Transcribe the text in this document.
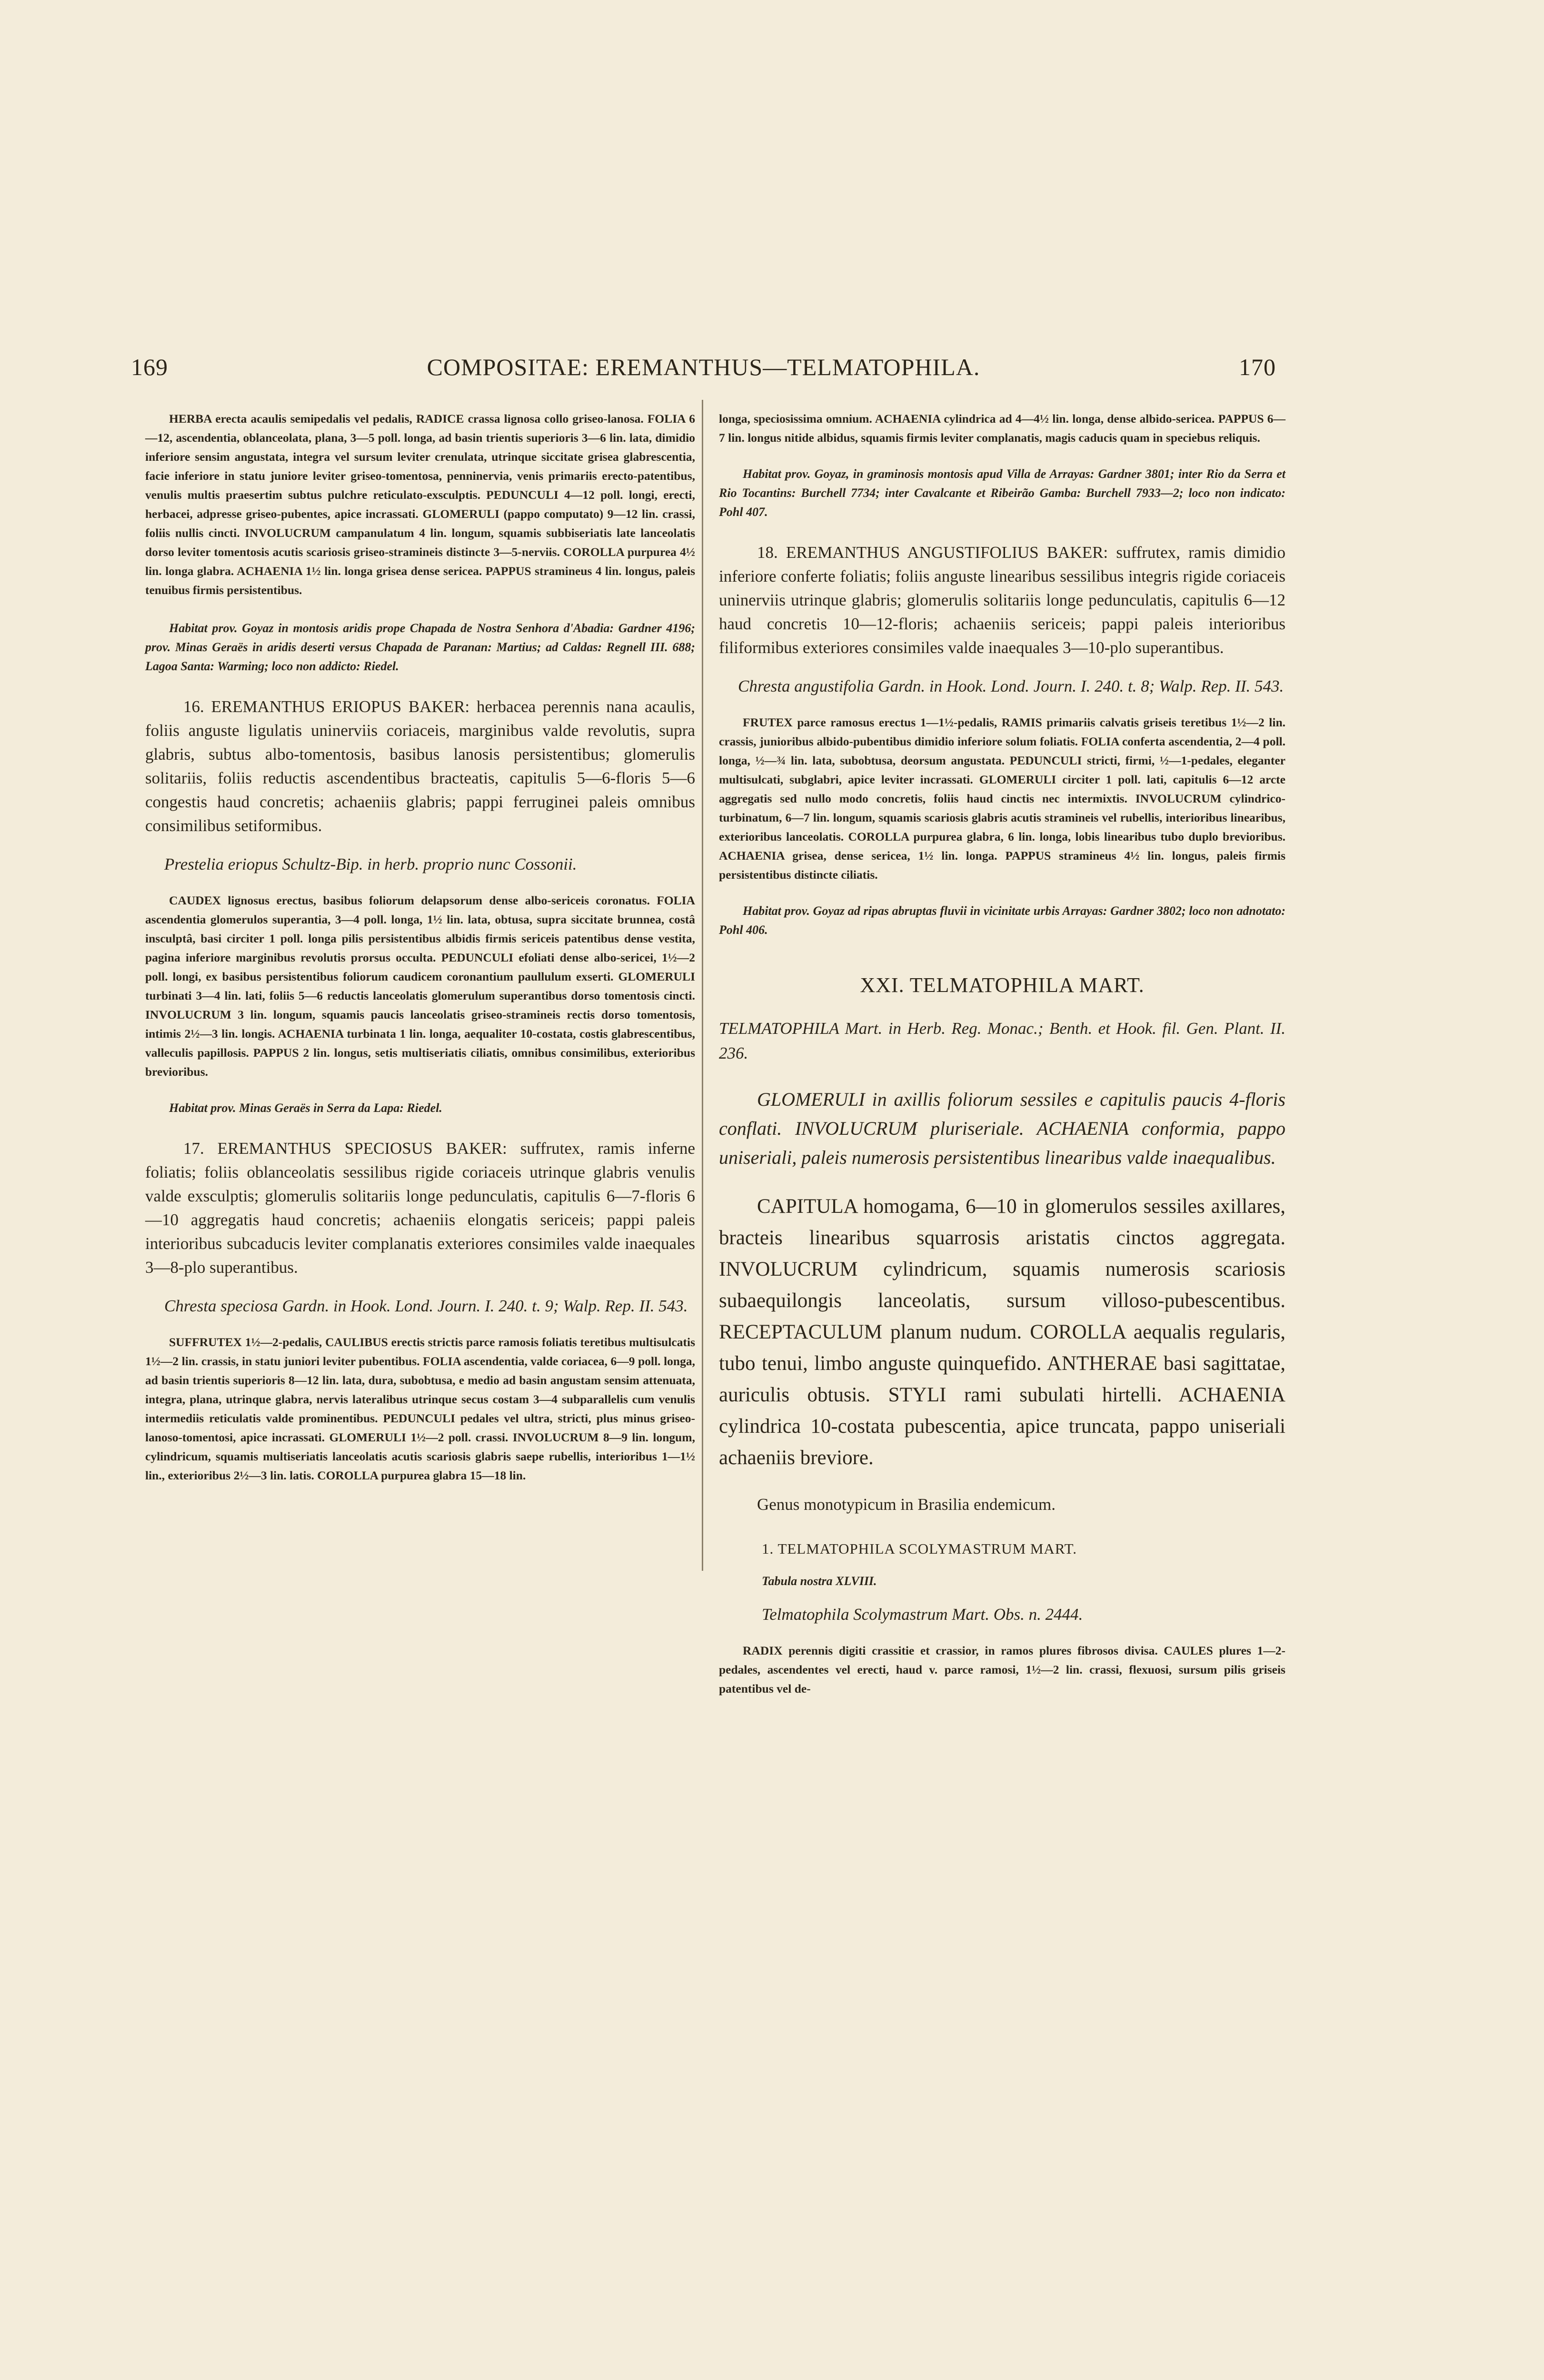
169	COMPOSITAE: EREMANTHUS—TELMATOPHILA.	170

HERBA erecta acaulis semipedalis vel pedalis, RADICE crassa lignosa collo griseo-lanosa. FOLIA 6—12, ascendentia, oblanceolata, plana, 3—5 poll. longa, ad basin trientis superioris 3—6 lin. lata, dimidio inferiore sensim angustata, integra vel sursum leviter crenulata, utrinque siccitate grisea glabrescentia, facie inferiore in statu juniore leviter griseo-tomentosa, penninervia, venis primariis erecto-patentibus, venulis multis praesertim subtus pulchre reticulato-exsculptis. PEDUNCULI 4—12 poll. longi, erecti, herbacei, adpresse griseo-pubentes, apice incrassati. GLOMERULI (pappo computato) 9—12 lin. crassi, foliis nullis cincti. INVOLUCRUM campanulatum 4 lin. longum, squamis subbiseriatis late lanceolatis dorso leviter tomentosis acutis scariosis griseo-stramineis distincte 3—5-nerviis. COROLLA purpurea 4½ lin. longa glabra. ACHAENIA 1½ lin. longa grisea dense sericea. PAPPUS stramineus 4 lin. longus, paleis tenuibus firmis persistentibus.

Habitat prov. Goyaz in montosis aridis prope Chapada de Nostra Senhora d'Abadia: Gardner 4196; prov. Minas Geraës in aridis deserti versus Chapada de Paranan: Martius; ad Caldas: Regnell III. 688; Lagoa Santa: Warming; loco non addicto: Riedel.

16. EREMANTHUS ERIOPUS BAKER: herbacea perennis nana acaulis, foliis anguste ligulatis uninerviis coriaceis, marginibus valde revolutis, supra glabris, subtus albo-tomentosis, basibus lanosis persistentibus; glomerulis solitariis, foliis reductis ascendentibus bracteatis, capitulis 5—6-floris 5—6 congestis haud concretis; achaeniis glabris; pappi ferruginei paleis omnibus consimilibus setiformibus.

Prestelia eriopus Schultz-Bip. in herb. proprio nunc Cossonii.

CAUDEX lignosus erectus, basibus foliorum delapsorum dense albo-sericeis coronatus. FOLIA ascendentia glomerulos superantia, 3—4 poll. longa, 1½ lin. lata, obtusa, supra siccitate brunnea, costâ insculptâ, basi circiter 1 poll. longa pilis persistentibus albidis firmis sericeis patentibus dense vestita, pagina inferiore marginibus revolutis prorsus occulta. PEDUNCULI efoliati dense albo-sericei, 1½—2 poll. longi, ex basibus persistentibus foliorum caudicem coronantium paullulum exserti. GLOMERULI turbinati 3—4 lin. lati, foliis 5—6 reductis lanceolatis glomerulum superantibus dorso tomentosis cincti. INVOLUCRUM 3 lin. longum, squamis paucis lanceolatis griseo-stramineis rectis dorso tomentosis, intimis 2½—3 lin. longis. ACHAENIA turbinata 1 lin. longa, aequaliter 10-costata, costis glabrescentibus, valleculis papillosis. PAPPUS 2 lin. longus, setis multiseriatis ciliatis, omnibus consimilibus, exterioribus brevioribus.

Habitat prov. Minas Geraës in Serra da Lapa: Riedel.

17. EREMANTHUS SPECIOSUS BAKER: suffrutex, ramis inferne foliatis; foliis oblanceolatis sessilibus rigide coriaceis utrinque glabris venulis valde exsculptis; glomerulis solitariis longe pedunculatis, capitulis 6—7-floris 6—10 aggregatis haud concretis; achaeniis elongatis sericeis; pappi paleis interioribus subcaducis leviter complanatis exteriores consimiles valde inaequales 3—8-plo superantibus.

Chresta speciosa Gardn. in Hook. Lond. Journ. I. 240. t. 9; Walp. Rep. II. 543.

SUFFRUTEX 1½—2-pedalis, CAULIBUS erectis strictis parce ramosis foliatis teretibus multisulcatis 1½—2 lin. crassis, in statu juniori leviter pubentibus. FOLIA ascendentia, valde coriacea, 6—9 poll. longa, ad basin trientis superioris 8—12 lin. lata, dura, subobtusa, e medio ad basin angustam sensim attenuata, integra, plana, utrinque glabra, nervis lateralibus utrinque secus costam 3—4 subparallelis cum venulis intermediis reticulatis valde prominentibus. PEDUNCULI pedales vel ultra, stricti, plus minus griseo-lanoso-tomentosi, apice incrassati. GLOMERULI 1½—2 poll. crassi. INVOLUCRUM 8—9 lin. longum, cylindricum, squamis multiseriatis lanceolatis acutis scariosis glabris saepe rubellis, interioribus 1—1½ lin., exterioribus 2½—3 lin. latis. COROLLA purpurea glabra 15—18 lin.

longa, speciosissima omnium. ACHAENIA cylindrica ad 4—4½ lin. longa, dense albido-sericea. PAPPUS 6—7 lin. longus nitide albidus, squamis firmis leviter complanatis, magis caducis quam in speciebus reliquis.

Habitat prov. Goyaz, in graminosis montosis apud Villa de Arrayas: Gardner 3801; inter Rio da Serra et Rio Tocantins: Burchell 7734; inter Cavalcante et Ribeirão Gamba: Burchell 7933—2; loco non indicato: Pohl 407.

18. EREMANTHUS ANGUSTIFOLIUS BAKER: suffrutex, ramis dimidio inferiore conferte foliatis; foliis anguste linearibus sessilibus integris rigide coriaceis uninerviis utrinque glabris; glomerulis solitariis longe pedunculatis, capitulis 6—12 haud concretis 10—12-floris; achaeniis sericeis; pappi paleis interioribus filiformibus exteriores consimiles valde inaequales 3—10-plo superantibus.

Chresta angustifolia Gardn. in Hook. Lond. Journ. I. 240. t. 8; Walp. Rep. II. 543.

FRUTEX parce ramosus erectus 1—1½-pedalis, RAMIS primariis calvatis griseis teretibus 1½—2 lin. crassis, junioribus albido-pubentibus dimidio inferiore solum foliatis. FOLIA conferta ascendentia, 2—4 poll. longa, ½—¾ lin. lata, subobtusa, deorsum angustata. PEDUNCULI stricti, firmi, ½—1-pedales, eleganter multisulcati, subglabri, apice leviter incrassati. GLOMERULI circiter 1 poll. lati, capitulis 6—12 arcte aggregatis sed nullo modo concretis, foliis haud cinctis nec intermixtis. INVOLUCRUM cylindrico-turbinatum, 6—7 lin. longum, squamis scariosis glabris acutis stramineis vel rubellis, interioribus linearibus, exterioribus lanceolatis. COROLLA purpurea glabra, 6 lin. longa, lobis linearibus tubo duplo brevioribus. ACHAENIA grisea, dense sericea, 1½ lin. longa. PAPPUS stramineus 4½ lin. longus, paleis firmis persistentibus distincte ciliatis.

Habitat prov. Goyaz ad ripas abruptas fluvii in vicinitate urbis Arrayas: Gardner 3802; loco non adnotato: Pohl 406.

XXI. TELMATOPHILA MART.

TELMATOPHILA Mart. in Herb. Reg. Monac.; Benth. et Hook. fil. Gen. Plant. II. 236.

GLOMERULI in axillis foliorum sessiles e capitulis paucis 4-floris conflati. INVOLUCRUM pluriseriale. ACHAENIA conformia, pappo uniseriali, paleis numerosis persistentibus linearibus valde inaequalibus.

CAPITULA homogama, 6—10 in glomerulos sessiles axillares, bracteis linearibus squarrosis aristatis cinctos aggregata. INVOLUCRUM cylindricum, squamis numerosis scariosis subaequilongis lanceolatis, sursum villoso-pubescentibus. RECEPTACULUM planum nudum. COROLLA aequalis regularis, tubo tenui, limbo anguste quinquefido. ANTHERAE basi sagittatae, auriculis obtusis. STYLI rami subulati hirtelli. ACHAENIA cylindrica 10-costata pubescentia, apice truncata, pappo uniseriali achaeniis breviore.

Genus monotypicum in Brasilia endemicum.

1. TELMATOPHILA SCOLYMASTRUM MART.

Tabula nostra XLVIII.

Telmatophila Scolymastrum Mart. Obs. n. 2444.

RADIX perennis digiti crassitie et crassior, in ramos plures fibrosos divisa. CAULES plures 1—2-pedales, ascendentes vel erecti, haud v. parce ramosi, 1½—2 lin. crassi, flexuosi, sursum pilis griseis patentibus vel de-
